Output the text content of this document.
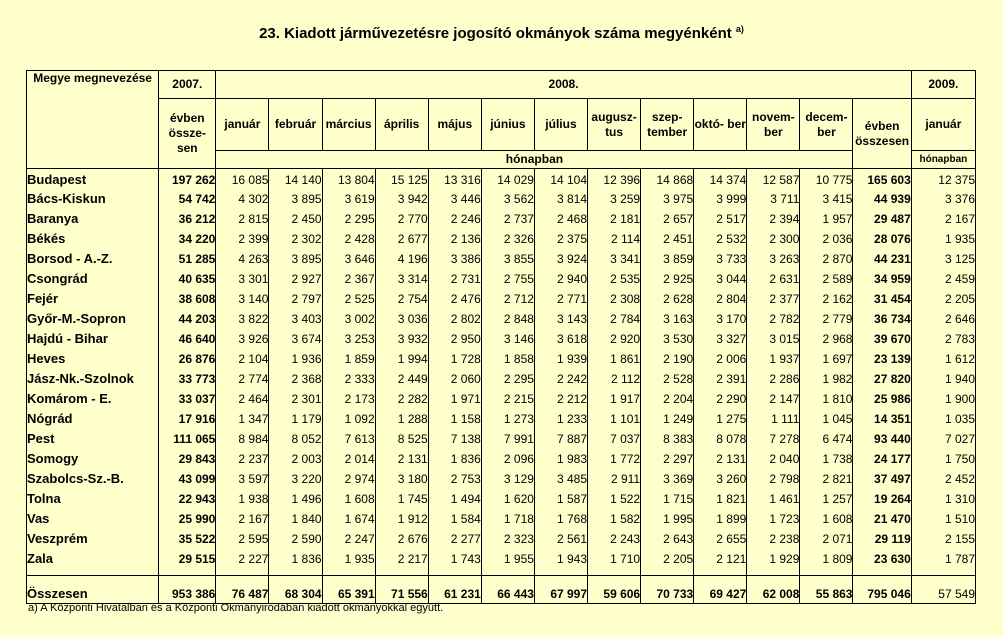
23. Kiadott járművezetésre jogosító okmányok száma megyénként $^{a)}$
Megye megnevezése	2007.	2008.													2009.
	évben össze- sen	január	február	március	április	május	június	július	augusz- tus	szep- tember	októ- ber	novem- ber	decem- ber	évben összesen	január
		hónapban													hónapban
Budapest	197 262	16 085	14 140	13 804	15 125	13 316	14 029	14 104	12 396	14 868	14 374	12 587	10 775	165 603	12 375
Bács-Kiskun	54 742	4 302	3 895	3 619	3 942	3 446	3 562	3 814	3 259	3 975	3 999	3 711	3 415	44 939	3 376
Baranya	36 212	2 815	2 450	2 295	2 770	2 246	2 737	2 468	2 181	2 657	2 517	2 394	1 957	29 487	2 167
Békés	34 220	2 399	2 302	2 428	2 677	2 136	2 326	2 375	2 114	2 451	2 532	2 300	2 036	28 076	1 935
Borsod - A.-Z.	51 285	4 263	3 895	3 646	4 196	3 386	3 855	3 924	3 341	3 859	3 733	3 263	2 870	44 231	3 125
Csongrád	40 635	3 301	2 927	2 367	3 314	2 731	2 755	2 940	2 535	2 925	3 044	2 631	2 589	34 959	2 459
Fejér	38 608	3 140	2 797	2 525	2 754	2 476	2 712	2 771	2 308	2 628	2 804	2 377	2 162	31 454	2 205
Győr-M.-Sopron	44 203	3 822	3 403	3 002	3 036	2 802	2 848	3 143	2 784	3 163	3 170	2 782	2 779	36 734	2 646
Hajdú - Bihar	46 640	3 926	3 674	3 253	3 932	2 950	3 146	3 618	2 920	3 530	3 327	3 015	2 968	39 670	2 783
Heves	26 876	2 104	1 936	1 859	1 994	1 728	1 858	1 939	1 861	2 190	2 006	1 937	1 697	23 139	1 612
Jász-Nk.-Szolnok	33 773	2 774	2 368	2 333	2 449	2 060	2 295	2 242	2 112	2 528	2 391	2 286	1 982	27 820	1 940
Komárom - E.	33 037	2 464	2 301	2 173	2 282	1 971	2 215	2 212	1 917	2 204	2 290	2 147	1 810	25 986	1 900
Nógrád	17 916	1 347	1 179	1 092	1 288	1 158	1 273	1 233	1 101	1 249	1 275	1 111	1 045	14 351	1 035
Pest	111 065	8 984	8 052	7 613	8 525	7 138	7 991	7 887	7 037	8 383	8 078	7 278	6 474	93 440	7 027
Somogy	29 843	2 237	2 003	2 014	2 131	1 836	2 096	1 983	1 772	2 297	2 131	2 040	1 738	24 177	1 750
Szabolcs-Sz.-B.	43 099	3 597	3 220	2 974	3 180	2 753	3 129	3 485	2 911	3 369	3 260	2 798	2 821	37 497	2 452
Tolna	22 943	1 938	1 496	1 608	1 745	1 494	1 620	1 587	1 522	1 715	1 821	1 461	1 257	19 264	1 310
Vas	25 990	2 167	1 840	1 674	1 912	1 584	1 718	1 768	1 582	1 995	1 899	1 723	1 608	21 470	1 510
Veszprém	35 522	2 595	2 590	2 247	2 676	2 277	2 323	2 561	2 243	2 643	2 655	2 238	2 071	29 119	2 155
Zala	29 515	2 227	1 836	1 935	2 217	1 743	1 955	1 943	1 710	2 205	2 121	1 929	1 809	23 630	1 787

Összesen	953 386	76 487	68 304	65 391	71 556	61 231	66 443	67 997	59 606	70 733	69 427	62 008	55 863	795 046	57 549
a) A Központi Hivatalban és a Központi Okmányirodában kiadott okmányokkal együtt.
